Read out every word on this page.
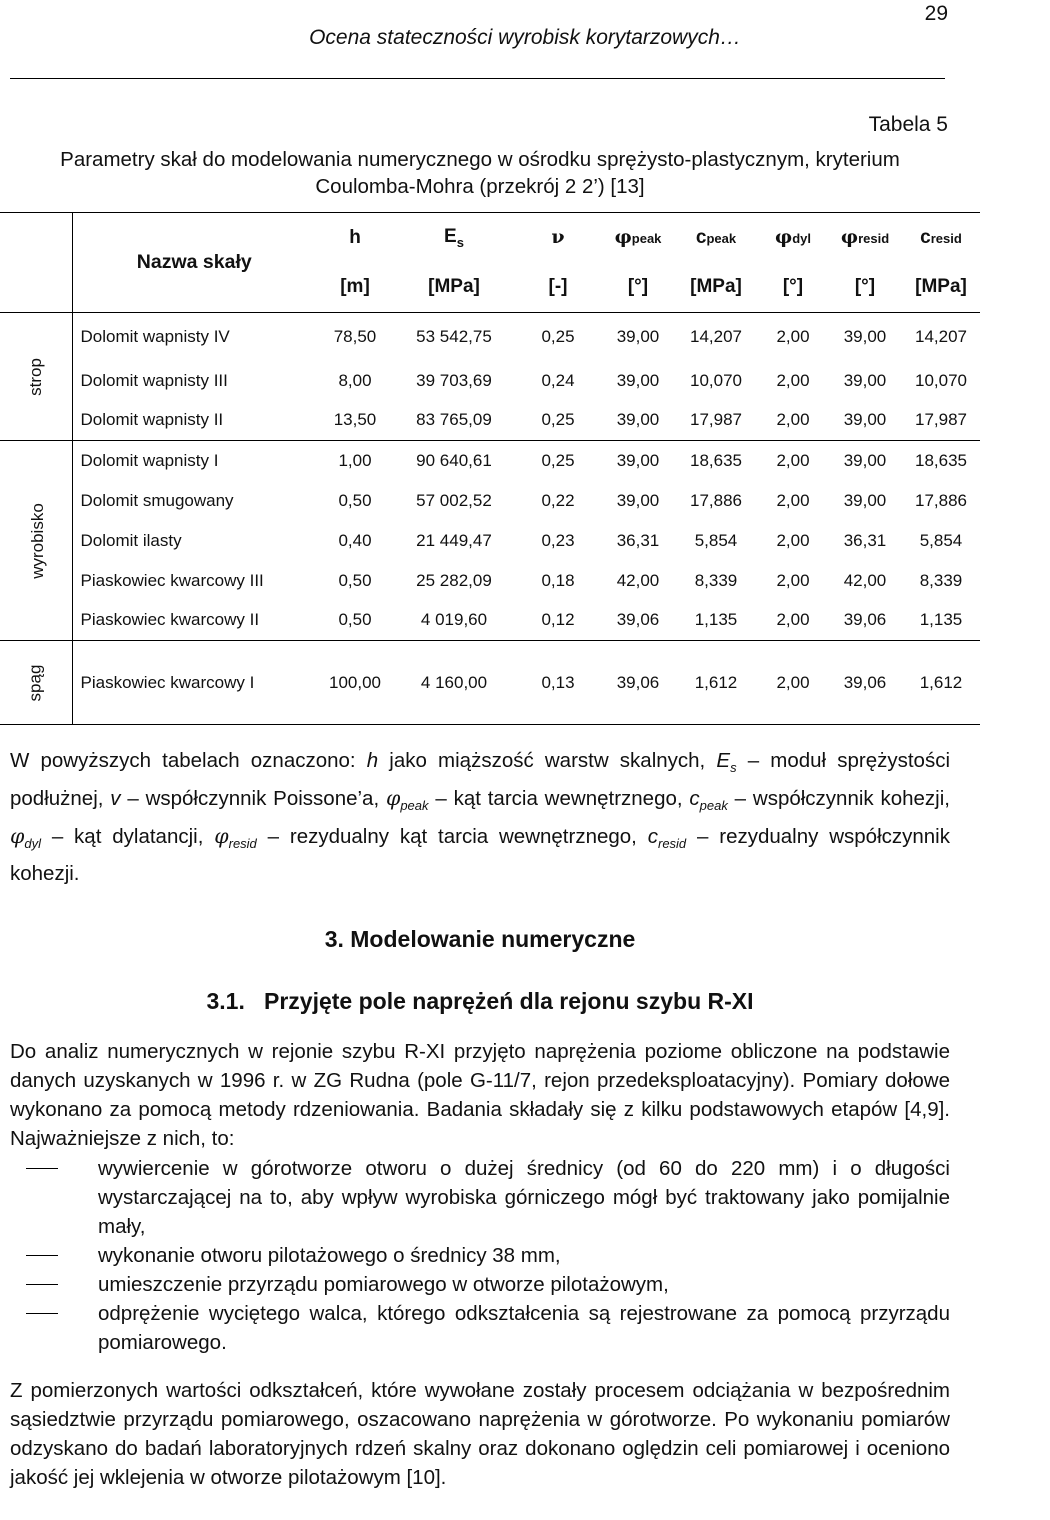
29
Ocena stateczności wyrobisk korytarzowych…
Tabela 5
Parametry skał do modelowania numerycznego w ośrodku sprężysto-plastycznym, kryterium
Coulomba-Mohra (przekrój 2 2’) [13]
	Nazwa skały	h	$E_s$	ν	φpeak	cpeak	φdyl	φresid	cresid
		[m]	[MPa]	[-]	[°]	[MPa]	[°]	[°]	[MPa]
strop	Dolomit wapnisty IV	78,50	53 542,75	0,25	39,00	14,207	2,00	39,00	14,207
	Dolomit wapnisty III	8,00	39 703,69	0,24	39,00	10,070	2,00	39,00	10,070
	Dolomit wapnisty II	13,50	83 765,09	0,25	39,00	17,987	2,00	39,00	17,987
wyrobisko	Dolomit wapnisty I	1,00	90 640,61	0,25	39,00	18,635	2,00	39,00	18,635
	Dolomit smugowany	0,50	57 002,52	0,22	39,00	17,886	2,00	39,00	17,886
	Dolomit ilasty	0,40	21 449,47	0,23	36,31	5,854	2,00	36,31	5,854
	Piaskowiec kwarcowy III	0,50	25 282,09	0,18	42,00	8,339	2,00	42,00	8,339
	Piaskowiec kwarcowy II	0,50	4 019,60	0,12	39,06	1,135	2,00	39,06	1,135
spąg	Piaskowiec kwarcowy I	100,00	4 160,00	0,13	39,06	1,612	2,00	39,06	1,612
W powyższych tabelach oznaczono: h jako miąższość warstw skalnych, $E_s$ – moduł sprężystości podłużnej, v – współczynnik Poissone’a, $\varphi_{peak}$ – kąt tarcia wewnętrznego, $c_{peak}$ – współczynnik kohezji, $\varphi_{dyl}$ – kąt dylatancji, $\varphi_{resid}$ – rezydualny kąt tarcia wewnętrznego, $c_{resid}$ – rezydualny współczynnik kohezji.
3. Modelowanie numeryczne
3.1.   Przyjęte pole naprężeń dla rejonu szybu R-XI
Do analiz numerycznych w rejonie szybu R-XI przyjęto naprężenia poziome obliczone na podstawie danych uzyskanych w 1996 r. w ZG Rudna (pole G-11/7, rejon przedeksploatacyjny). Pomiary dołowe wykonano za pomocą metody rdzeniowania. Badania składały się z kilku podstawowych etapów [4,9]. Najważniejsze z nich, to:
wywiercenie w górotworze otworu o dużej średnicy (od 60 do 220 mm) i o długości wystarczającej na to, aby wpływ wyrobiska górniczego mógł być traktowany jako pomijalnie mały,
wykonanie otworu pilotażowego o średnicy 38 mm,
umieszczenie przyrządu pomiarowego w otworze pilotażowym,
odprężenie wyciętego walca, którego odkształcenia są rejestrowane za pomocą przyrządu pomiarowego.
Z pomierzonych wartości odkształceń, które wywołane zostały procesem odciążania w bezpośrednim sąsiedztwie przyrządu pomiarowego, oszacowano naprężenia w górotworze. Po wykonaniu pomiarów odzyskano do badań laboratoryjnych rdzeń skalny oraz dokonano oględzin celi pomiarowej i oceniono jakość jej wklejenia w otworze pilotażowym [10].
